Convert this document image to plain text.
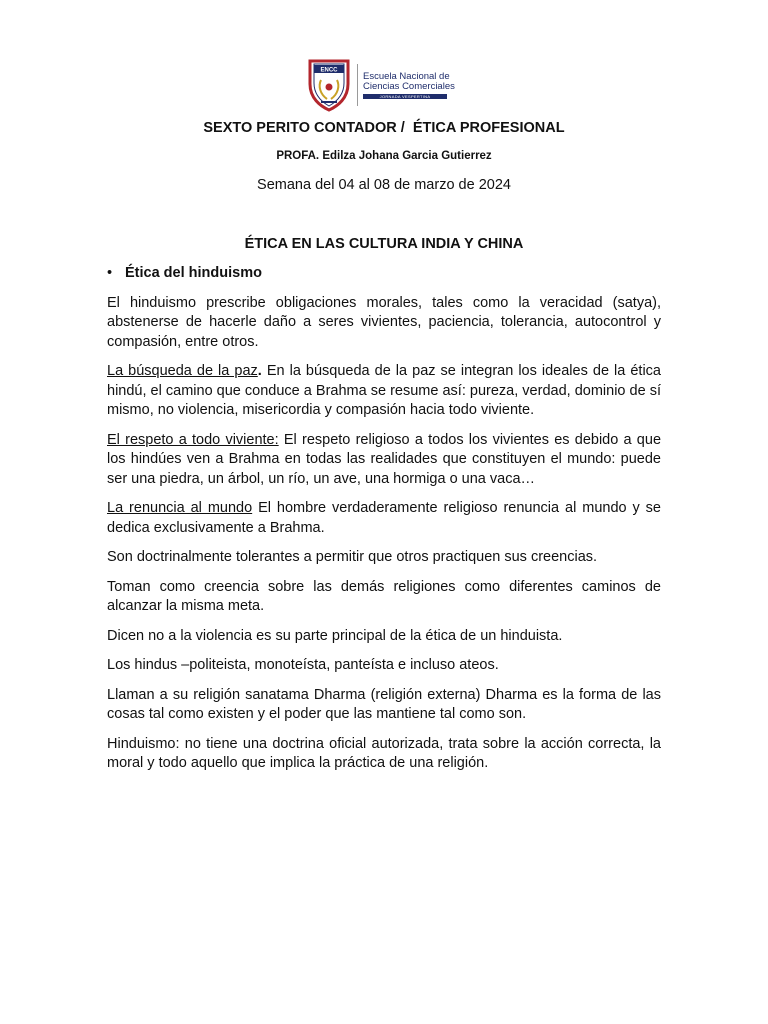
ENCC	Escuela Nacional de
Ciencias Comerciales
JORNADA VESPERTINA
SEXTO PERITO CONTADOR /  ÉTICA PROFESIONAL
PROFA. Edilza Johana Garcia Gutierrez
Semana del 04 al 08 de marzo de 2024
ÉTICA EN LAS CULTURA INDIA Y CHINA
• Ética del hinduismo

El hinduismo prescribe obligaciones morales, tales como la veracidad (satya), abstenerse de hacerle daño a seres vivientes, paciencia, tolerancia, autocontrol y compasión, entre otros.

La búsqueda de la paz. En la búsqueda de la paz se integran los ideales de la ética hindú, el camino que conduce a Brahma se resume así: pureza, verdad, dominio de sí mismo, no violencia, misericordia y compasión hacia todo viviente.

El respeto a todo viviente: El respeto religioso a todos los vivientes es debido a que los hindúes ven a Brahma en todas las realidades que constituyen el mundo: puede ser una piedra, un árbol, un río, un ave, una hormiga o una vaca…

La renuncia al mundo El hombre verdaderamente religioso renuncia al mundo y se dedica exclusivamente a Brahma.

Son doctrinalmente tolerantes a permitir que otros practiquen sus creencias.

Toman como creencia sobre las demás religiones como diferentes caminos de alcanzar la misma meta.

Dicen no a la violencia es su parte principal de la ética de un hinduista.

Los hindus –politeista, monoteísta, panteísta e incluso ateos.

Llaman a su religión sanatama Dharma (religión externa) Dharma es la forma de las cosas tal como existen y el poder que las mantiene tal como son.

Hinduismo: no tiene una doctrina oficial autorizada, trata sobre la acción correcta, la moral y todo aquello que implica la práctica de una religión.
